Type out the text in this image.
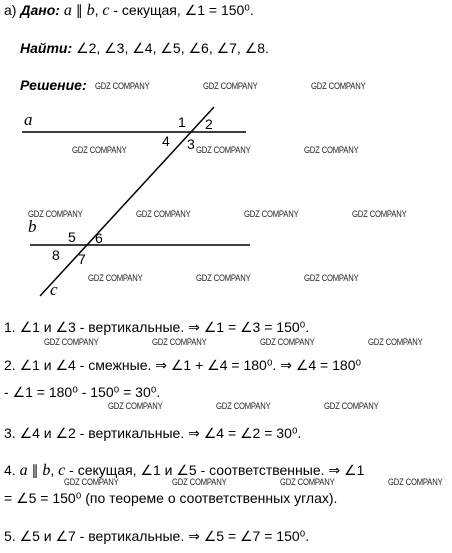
а) Дано: a ∥ b, c - секущая, ∠1 = 150⁰.
Найти: ∠2, ∠3, ∠4, ∠5, ∠6, ∠7, ∠8.
Решение:
a
b
c
1 2
4 3
5 6
8 7
1. ∠1 и ∠3 - вертикальные. ⇒ ∠1 = ∠3 = 150⁰.
2. ∠1 и ∠4 - смежные. ⇒ ∠1 + ∠4 = 180⁰. ⇒ ∠4 = 180⁰
- ∠1 = 180⁰ - 150⁰ = 30⁰.
3. ∠4 и ∠2 - вертикальные. ⇒ ∠4 = ∠2 = 30⁰.
4. a ∥ b, c - секущая, ∠1 и ∠5 - соответственные. ⇒ ∠1
= ∠5 = 150⁰ (по теореме о соответственных углах).
5. ∠5 и ∠7 - вертикальные. ⇒ ∠5 = ∠7 = 150⁰.
GDZ COMPANY	GDZ COMPANY	GDZ COMPANY
GDZ COMPANY	GDZ COMPANY	GDZ COMPANY
GDZ COMPANY	GDZ COMPANY	GDZ COMPANY	GDZ COMPANY
GDZ COMPANY	GDZ COMPANY	GDZ COMPANY
GDZ COMPANY	GDZ COMPANY	GDZ COMPANY	GDZ COMPANY
GDZ COMPANY	GDZ COMPANY	GDZ COMPANY
GDZ COMPANY	GDZ COMPANY	GDZ COMPANY	GDZ COMPANY
